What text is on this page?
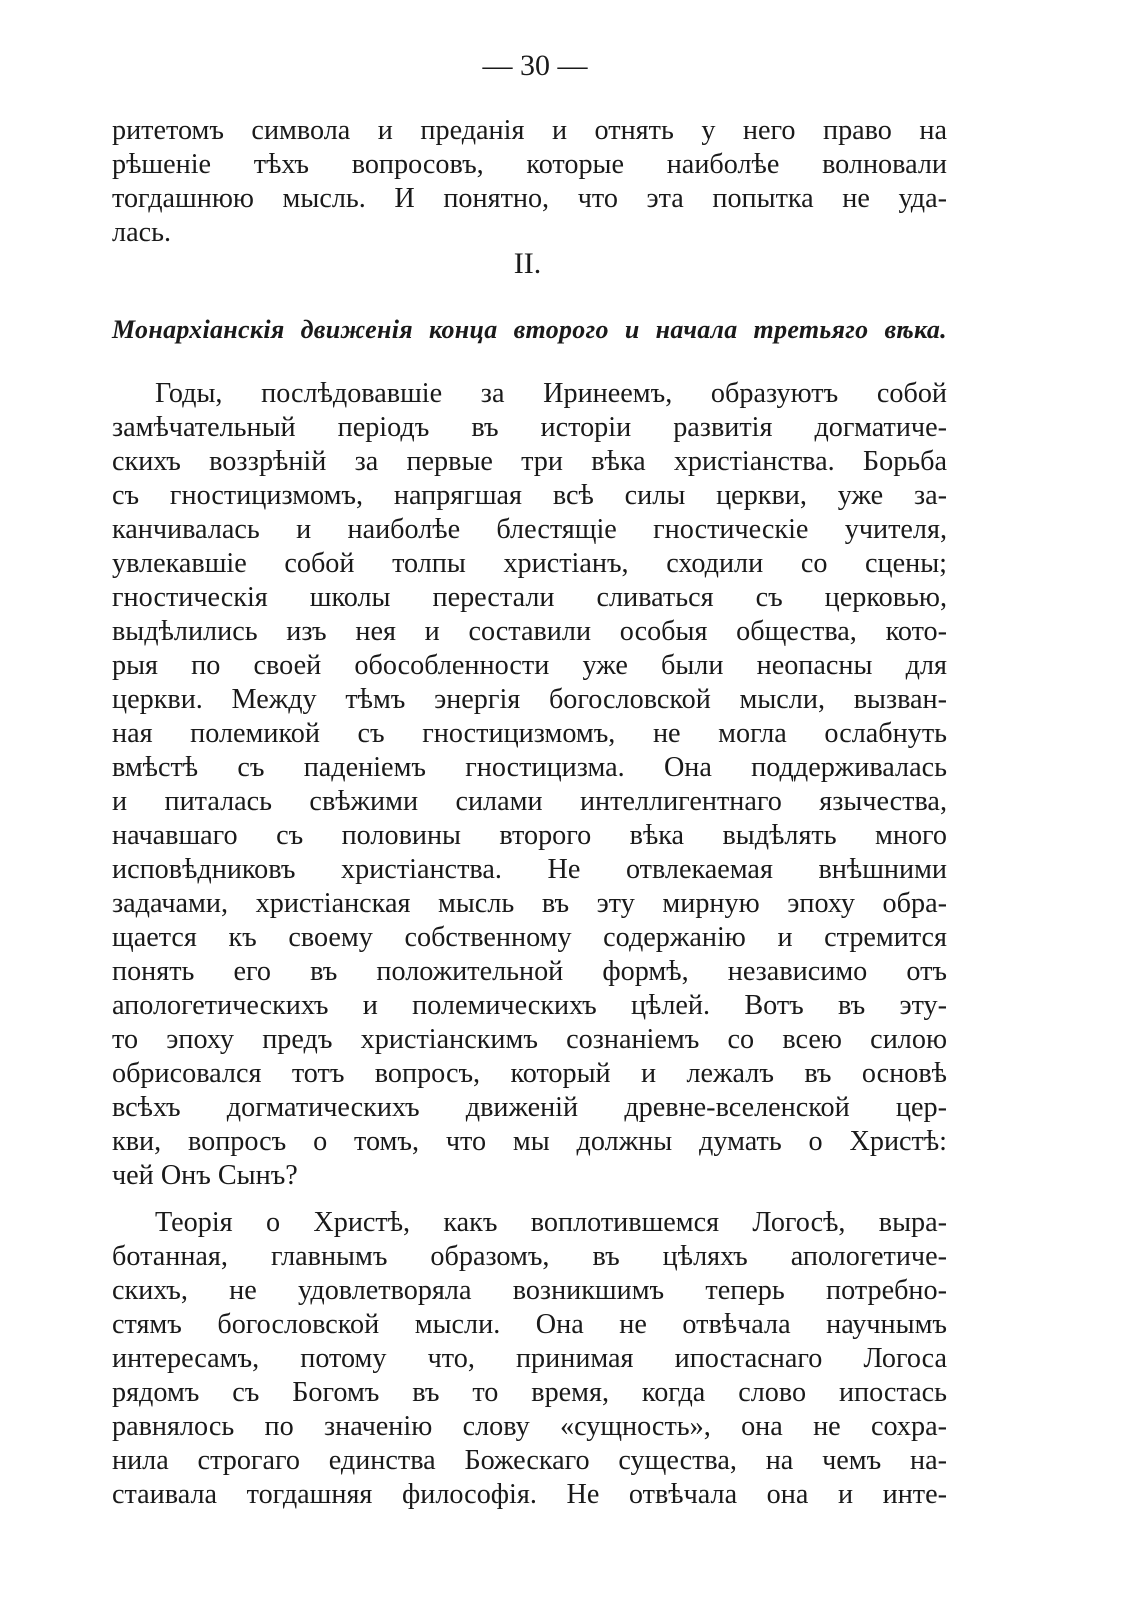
— 30 —
ритетомъ символа и преданія и отнять у него право на
рѣшеніе тѣхъ вопросовъ, которые наиболѣе волновали
тогдашнюю мысль. И понятно, что эта попытка не уда-
лась.
II.
Монархіанскія движенія конца второго и начала третьяго вѣка.
Годы, послѣдовавшіе за Иринеемъ, образуютъ собой
замѣчательный періодъ въ исторіи развитія догматиче-
скихъ воззрѣній за первые три вѣка христіанства. Борьба
съ гностицизмомъ, напрягшая всѣ силы церкви, уже за-
канчивалась и наиболѣе блестящіе гностическіе учителя,
увлекавшіе собой толпы христіанъ, сходили со сцены;
гностическія школы перестали сливаться съ церковью,
выдѣлились изъ нея и составили особыя общества, кото-
рыя по своей обособленности уже были неопасны для
церкви. Между тѣмъ энергія богословской мысли, вызван-
ная полемикой съ гностицизмомъ, не могла ослабнуть
вмѣстѣ съ паденіемъ гностицизма. Она поддерживалась
и питалась свѣжими силами интеллигентнаго язычества,
начавшаго съ половины второго вѣка выдѣлять много
исповѣдниковъ христіанства. Не отвлекаемая внѣшними
задачами, христіанская мысль въ эту мирную эпоху обра-
щается къ своему собственному содержанію и стремится
понять его въ положительной формѣ, независимо отъ
апологетическихъ и полемическихъ цѣлей. Вотъ въ эту-
то эпоху предъ христіанскимъ сознаніемъ со всею силою
обрисовался тотъ вопросъ, который и лежалъ въ основѣ
всѣхъ догматическихъ движеній древне-вселенской цер-
кви, вопросъ о томъ, что мы должны думать о Христѣ:
чей Онъ Сынъ?
Теорія о Христѣ, какъ воплотившемся Логосѣ, выра-
ботанная, главнымъ образомъ, въ цѣляхъ апологетиче-
скихъ, не удовлетворяла возникшимъ теперь потребно-
стямъ богословской мысли. Она не отвѣчала научнымъ
интересамъ, потому что, принимая ипостаснаго Логоса
рядомъ съ Богомъ въ то время, когда слово ипостась
равнялось по значенію слову «сущность», она не сохра-
нила строгаго единства Божескаго существа, на чемъ на-
стаивала тогдашняя философія. Не отвѣчала она и инте-
